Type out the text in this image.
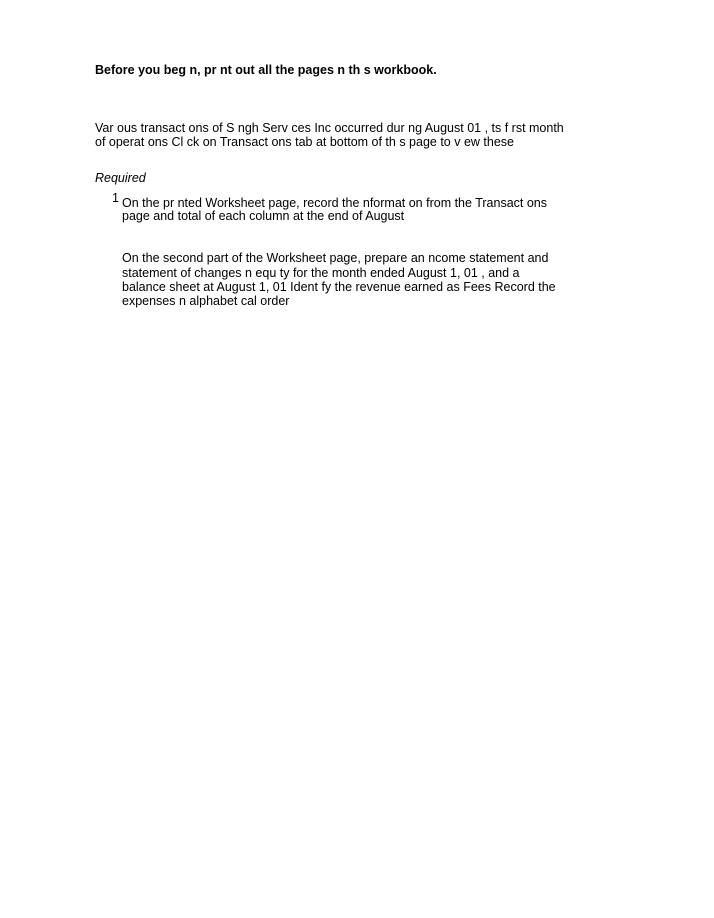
Before you beg n, pr nt out all the pages n th s workbook.
Var ous transact ons of S ngh Serv ces Inc occurred dur ng August 01 , ts f rst month
of operat ons Cl ck on Transact ons tab at bottom of th s page to v ew these
Required
1 On the pr nted Worksheet page, record the nformat on from the Transact ons
page and total of each column at the end of August
On the second part of the Worksheet page, prepare an ncome statement and
statement of changes n equ ty for the month ended August 1, 01 , and a
balance sheet at August 1, 01 Ident fy the revenue earned as Fees Record the
expenses n alphabet cal order
